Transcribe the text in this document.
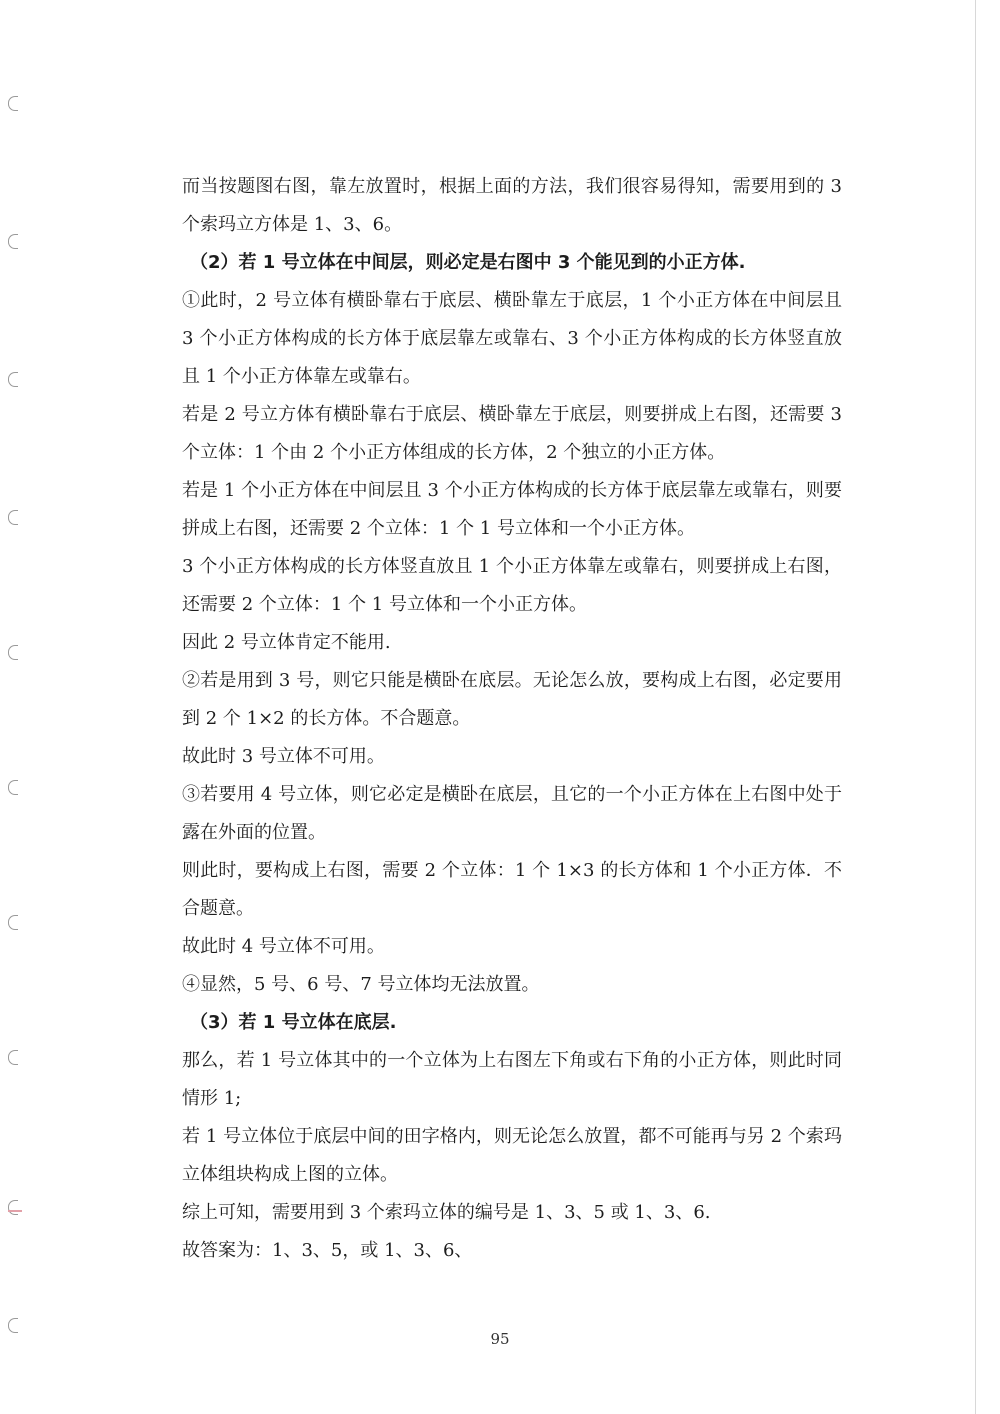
而当按题图右图，靠左放置时，根据上面的方法，我们很容易得知，需要用到的 3 个索玛立方体是 1、3、6。

（2）若 1 号立体在中间层，则必定是右图中 3 个能见到的小正方体.

①此时，2 号立体有横卧靠右于底层、横卧靠左于底层，1 个小正方体在中间层且 3 个小正方体构成的长方体于底层靠左或靠右、3 个小正方体构成的长方体竖直放且 1 个小正方体靠左或靠右。

若是 2 号立方体有横卧靠右于底层、横卧靠左于底层，则要拼成上右图，还需要 3 个立体：1 个由 2 个小正方体组成的长方体，2 个独立的小正方体。

若是 1 个小正方体在中间层且 3 个小正方体构成的长方体于底层靠左或靠右，则要拼成上右图，还需要 2 个立体：1 个 1 号立体和一个小正方体。

3 个小正方体构成的长方体竖直放且 1 个小正方体靠左或靠右，则要拼成上右图，还需要 2 个立体：1 个 1 号立体和一个小正方体。

因此 2 号立体肯定不能用.

②若是用到 3 号，则它只能是横卧在底层。无论怎么放，要构成上右图，必定要用到 2 个 1×2 的长方体。不合题意。

故此时 3 号立体不可用。

③若要用 4 号立体，则它必定是横卧在底层，且它的一个小正方体在上右图中处于露在外面的位置。

则此时，要构成上右图，需要 2 个立体：1 个 1×3 的长方体和 1 个小正方体．不合题意。

故此时 4 号立体不可用。

④显然，5 号、6 号、7 号立体均无法放置。

（3）若 1 号立体在底层.

那么，若 1 号立体其中的一个立体为上右图左下角或右下角的小正方体，则此时同情形 1;

若 1 号立体位于底层中间的田字格内，则无论怎么放置，都不可能再与另 2 个索玛立体组块构成上图的立体。

综上可知，需要用到 3 个索玛立体的编号是 1、3、5 或 1、3、6.

故答案为：1、3、5，或 1、3、6、

95
